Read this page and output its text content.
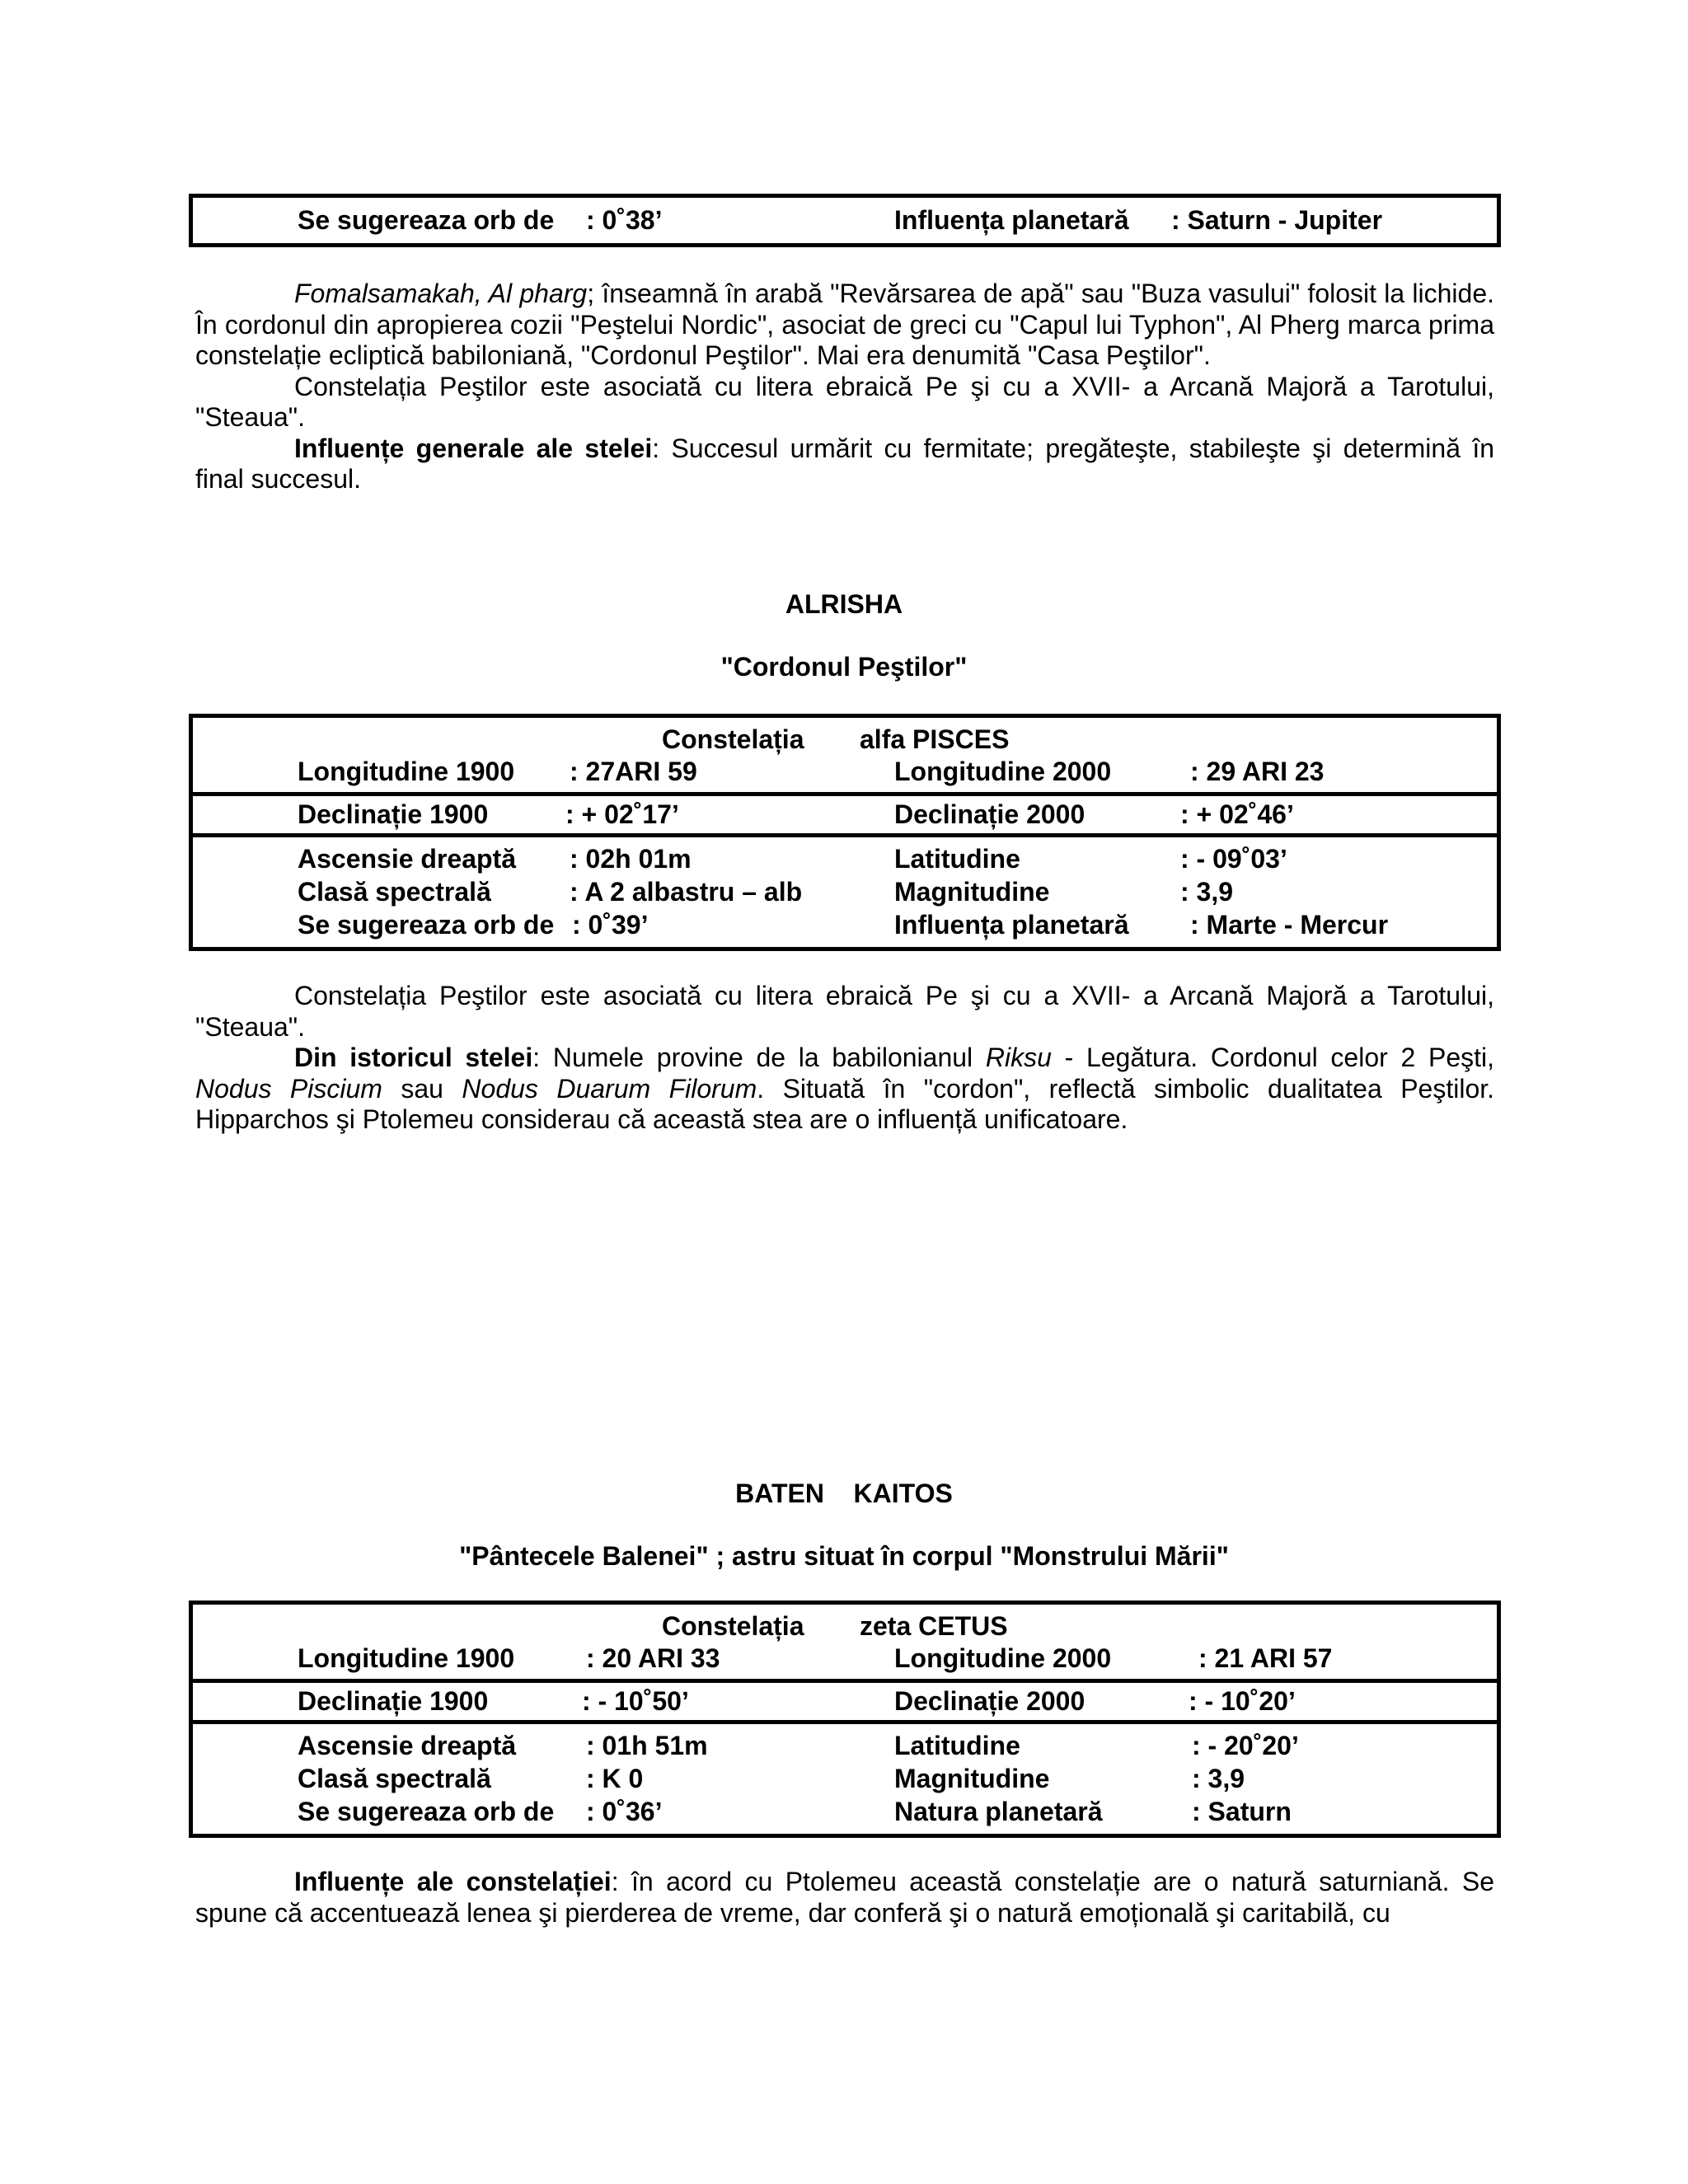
Se sugereaza orb de : 0˚38ʼ	Influența planetară : Saturn - Jupiter

Fomalsamakah, Al pharg; înseamnă în arabă "Revărsarea de apă" sau "Buza vasului" folosit la lichide. În cordonul din apropierea cozii "Peştelui Nordic", asociat de greci cu "Capul lui Typhon", Al Pherg marca prima constelație ecliptică babiloniană, "Cordonul Peştilor". Mai era denumită "Casa Peştilor".

Constelația Peştilor este asociată cu litera ebraică Pe şi cu a XVII- a Arcană Majoră a Tarotului, "Steaua".

Influențe generale ale stelei: Succesul urmărit cu fermitate; pregăteşte, stabileşte şi determină în final succesul.

ALRISHA
"Cordonul Peştilor"
Constelația alfa PISCES
Longitudine 1900 : 27ARI 59	Longitudine 2000	: 29 ARI 23
Declinație 1900	: + 02˚17ʼ	Declinație 2000	: + 02˚46ʼ
Ascensie dreaptă : 02h 01m	Latitudine	: - 09˚03ʼ
Clasă spectrală	: A 2 albastru – alb	Magnitudine	: 3,9
Se sugereaza orb de : 0˚39ʼ	Influența planetară : Marte - Mercur

Constelația Peştilor este asociată cu litera ebraică Pe şi cu a XVII- a Arcană Majoră a Tarotului, "Steaua".

Din istoricul stelei: Numele provine de la babilonianul Riksu - Legătura. Cordonul celor 2 Peşti, Nodus Piscium sau Nodus Duarum Filorum. Situată în "cordon", reflectă simbolic dualitatea Peştilor. Hipparchos şi Ptolemeu considerau că această stea are o influență unificatoare.

BATEN    KAITOS
"Pântecele Balenei" ; astru situat în corpul "Monstrului Mării"
Constelația zeta CETUS
Longitudine 1900	: 20 ARI 33	Longitudine 2000	: 21 ARI 57
Declinație 1900	: - 10˚50ʼ	Declinație 2000	: - 10˚20ʼ
Ascensie dreaptă	: 01h 51m	Latitudine	: - 20˚20ʼ
Clasă spectrală	: K 0	Magnitudine	: 3,9
Se sugereaza orb de : 0˚36ʼ	Natura planetară	: Saturn

Influențe ale constelației: în acord cu Ptolemeu această constelație are o natură saturniană. Se spune că accentuează lenea şi pierderea de vreme, dar conferă şi o natură emoțională şi caritabilă, cu
